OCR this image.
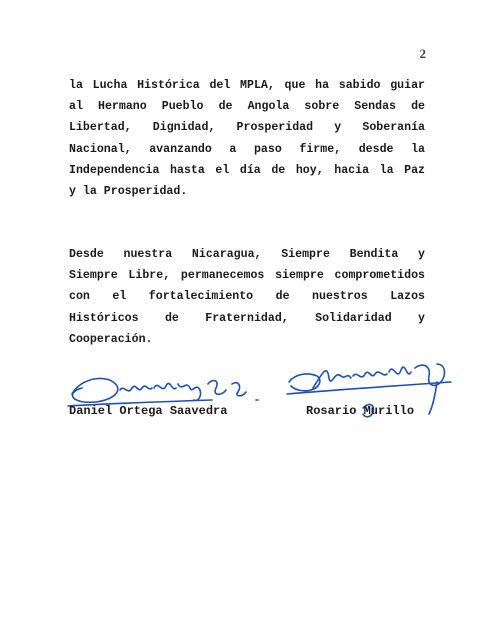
2
la Lucha Histórica del MPLA, que ha sabido guiar
al Hermano Pueblo de Angola sobre Sendas de
Libertad, Dignidad, Prosperidad y Soberanía
Nacional, avanzando a paso firme, desde la
Independencia hasta el día de hoy, hacia la Paz
y la Prosperidad.
Desde nuestra Nicaragua, Siempre Bendita y
Siempre Libre, permanecemos siempre comprometidos
con el fortalecimiento de nuestros Lazos
Históricos de Fraternidad, Solidaridad y
Cooperación.
Daniel Ortega Saavedra	Rosario Murillo
